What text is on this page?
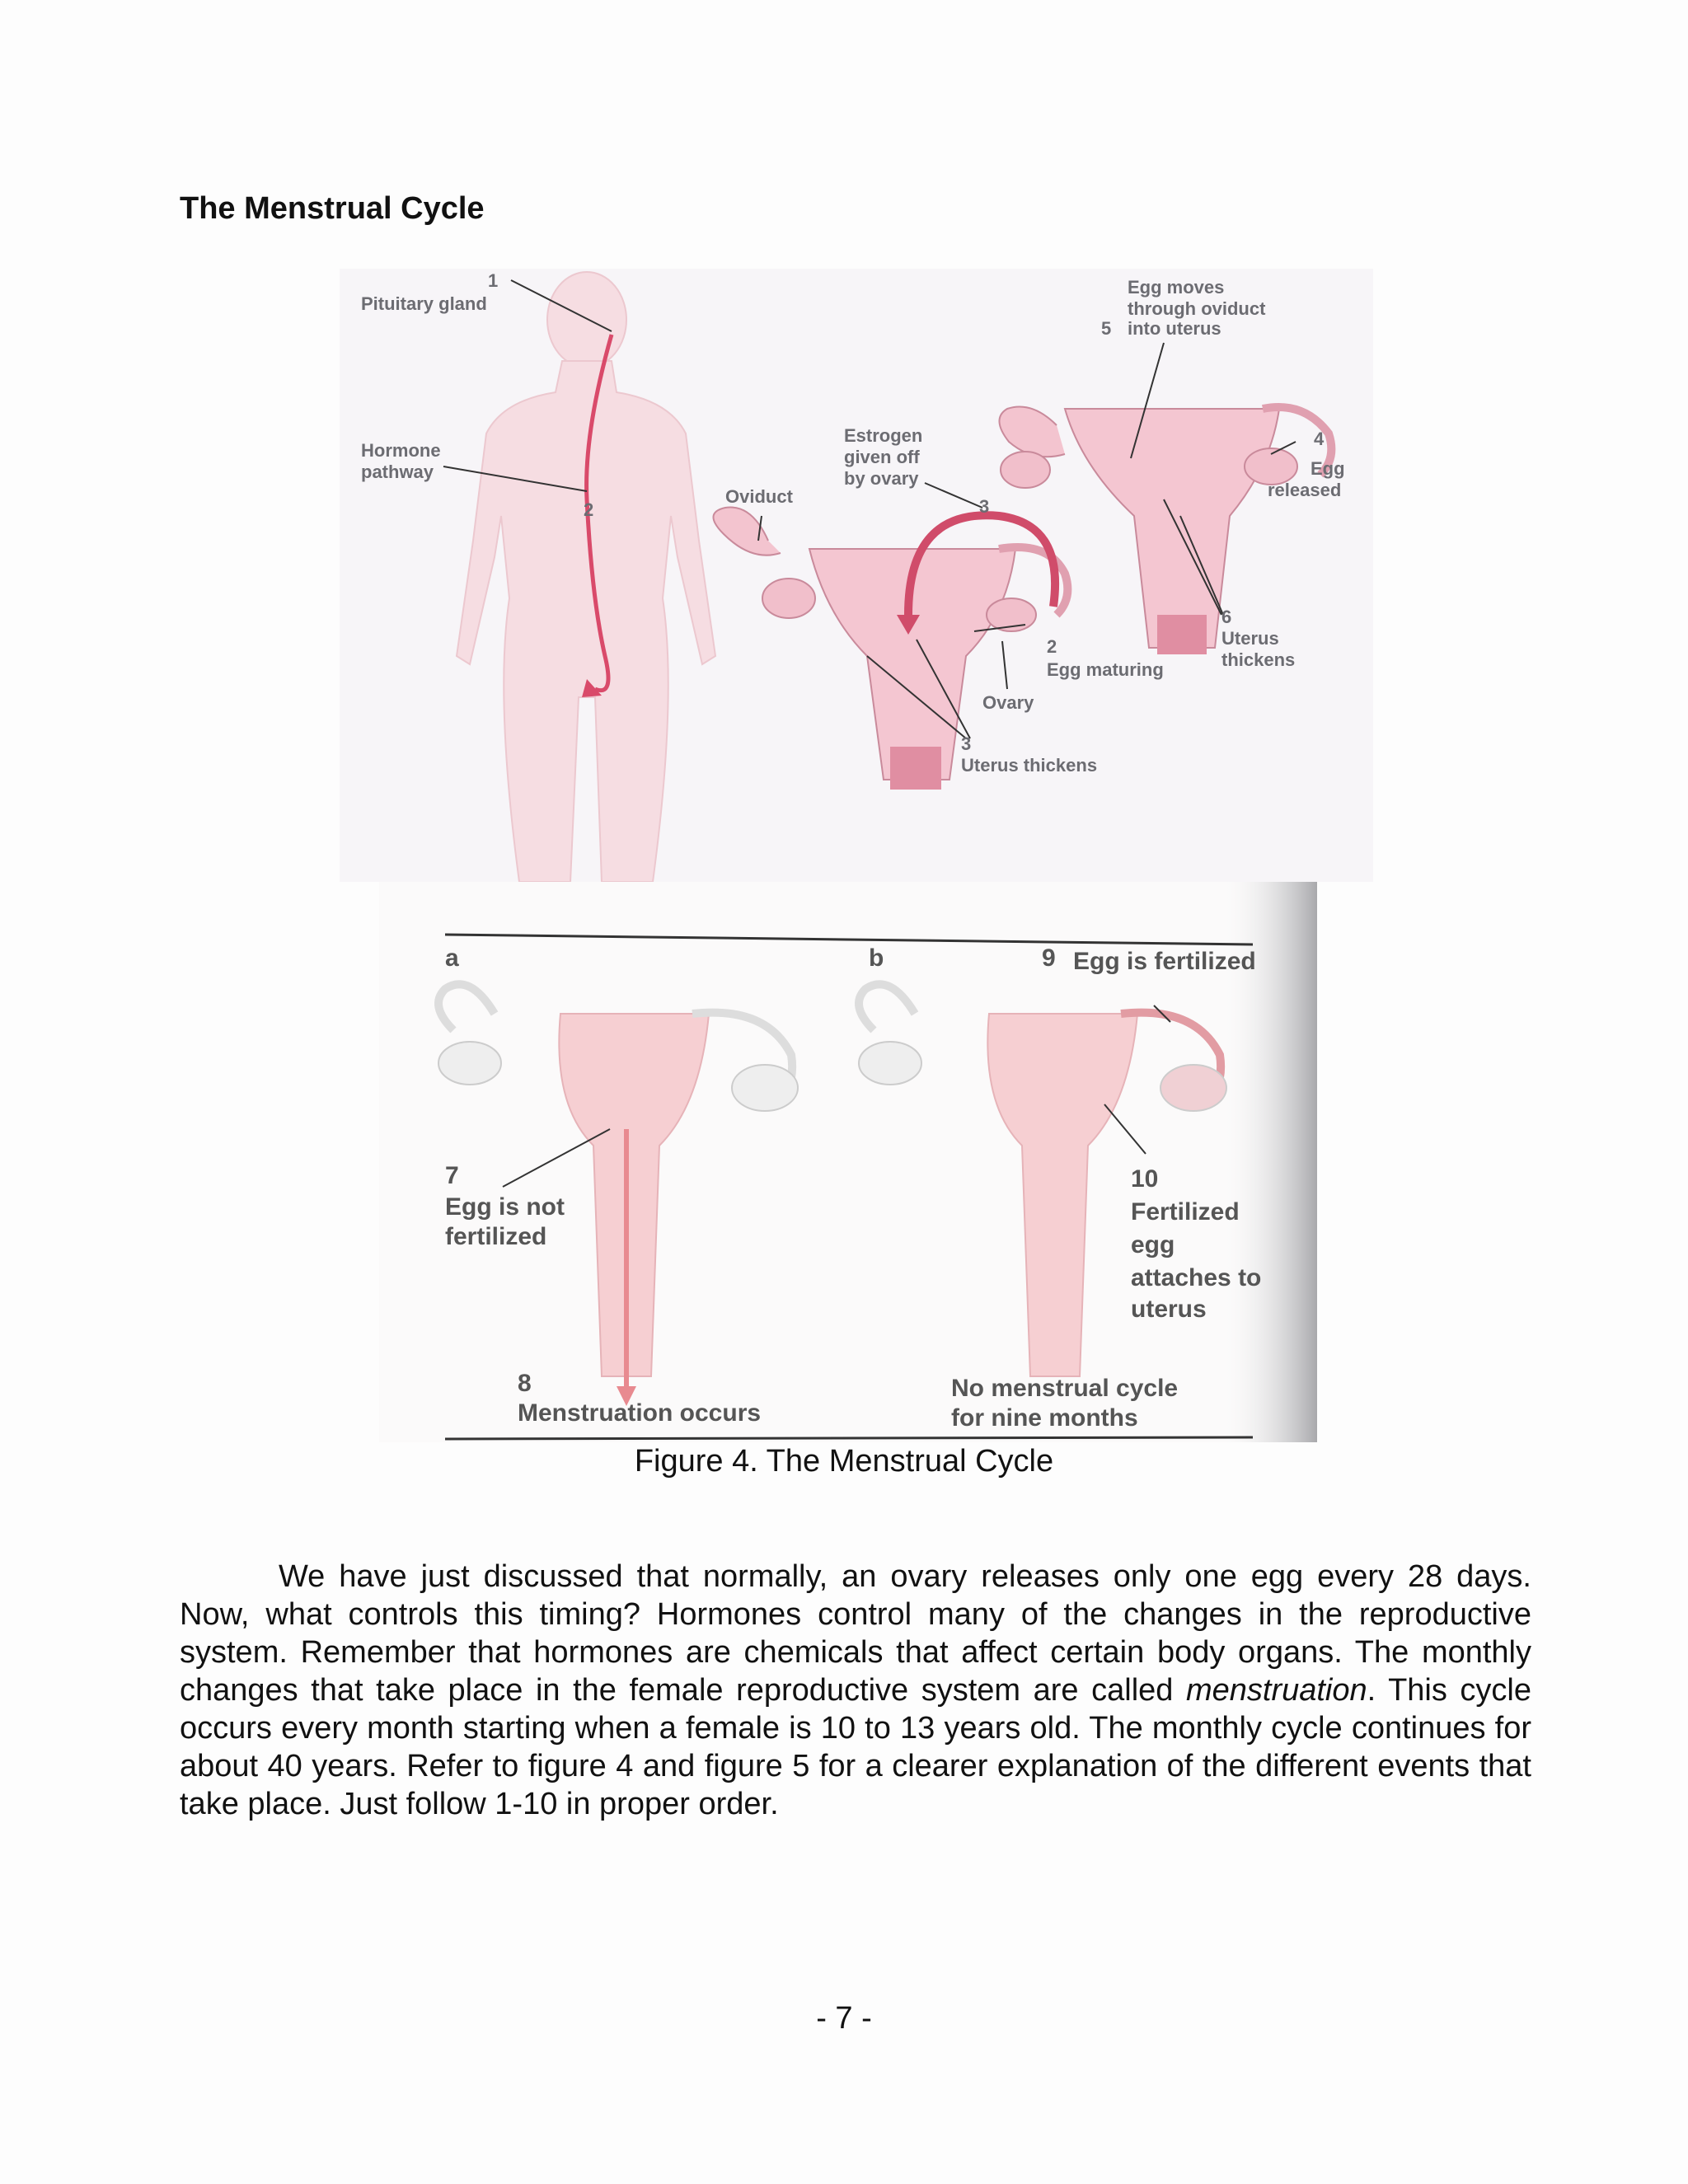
The Menstrual Cycle
1
Pituitary gland
Hormone
pathway
2
Oviduct
Estrogen
given off
by ovary
3
2
Egg maturing
Ovary
3
Uterus thickens
Egg moves
through oviduct
5 into uterus
4
Egg
released
6
Uterus
thickens
a	b
7
Egg is not
fertilized
8
Menstruation occurs
9 Egg is fertilized
10
Fertilized
egg
attaches to
uterus
No menstrual cycle
for nine months
Figure 4. The Menstrual Cycle

We have just discussed that normally, an ovary releases only one egg every 28 days. Now, what controls this timing? Hormones control many of the changes in the reproductive system. Remember that hormones are chemicals that affect certain body organs. The monthly changes that take place in the female reproductive system are called menstruation. This cycle occurs every month starting when a female is 10 to 13 years old. The monthly cycle continues for about 40 years. Refer to figure 4 and figure 5 for a clearer explanation of the different events that take place. Just follow 1-10 in proper order.

- 7 -
